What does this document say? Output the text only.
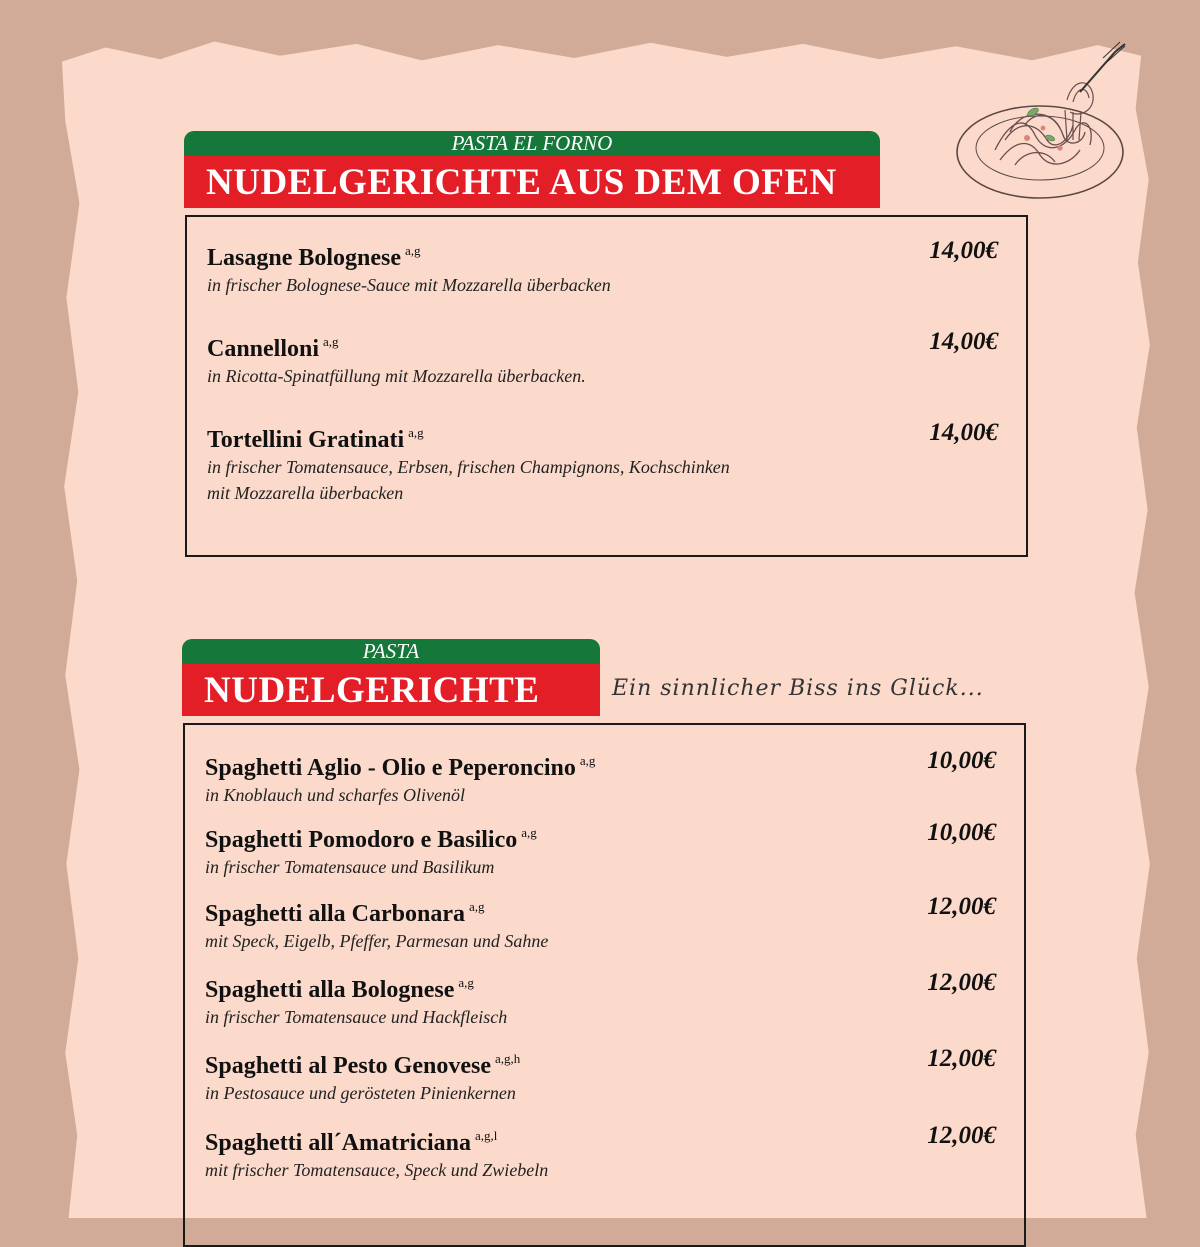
PASTA EL FORNO
NUDELGERICHTE AUS DEM OFEN
Lasagne Bolognese $^{a,g}$
in frischer Bolognese-Sauce mit Mozzarella überbacken
14,00€
Cannelloni $^{a,g}$
in Ricotta-Spinatfüllung mit Mozzarella überbacken.
14,00€
Tortellini Gratinati $^{a,g}$
in frischer Tomatensauce, Erbsen, frischen Champignons, Kochschinken
mit Mozzarella überbacken
14,00€
PASTA
NUDELGERICHTE	Ein sinnlicher Biss ins Glück...
Spaghetti Aglio - Olio e Peperoncino $^{a,g}$
in Knoblauch und scharfes Olivenöl
10,00€
Spaghetti Pomodoro e Basilico $^{a,g}$
in frischer Tomatensauce und Basilikum
10,00€
Spaghetti alla Carbonara $^{a,g}$
mit Speck, Eigelb, Pfeffer, Parmesan und Sahne
12,00€
Spaghetti alla Bolognese $^{a,g}$
in frischer Tomatensauce und Hackfleisch
12,00€
Spaghetti al Pesto Genovese $^{a,g,h}$
in Pestosauce und gerösteten Pinienkernen
12,00€
Spaghetti all´Amatriciana $^{a,g,l}$
mit frischer Tomatensauce, Speck und Zwiebeln
12,00€
